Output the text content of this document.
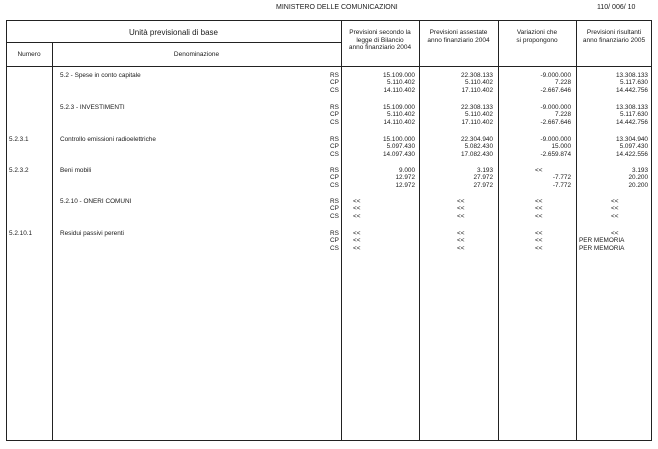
MINISTERO DELLE COMUNICAZIONI	110/ 006/ 10
Unità previsionali di base
Numero	Denominazione
Previsioni secondo la
legge di Bilancio
anno finanziario 2004
Previsioni assestate
anno finanziario 2004
Variazioni che
si propongono
Previsioni risultanti
anno finanziario 2005
5.2 - Spese in conto capitale	RS	15.109.000	22.308.133	-9.000.000	13.308.133
CP	5.110.402	5.110.402	7.228	5.117.630
CS	14.110.402	17.110.402	-2.667.646	14.442.756
5.2.3 - INVESTIMENTI	RS	15.109.000	22.308.133	-9.000.000	13.308.133
CP	5.110.402	5.110.402	7.228	5.117.630
CS	14.110.402	17.110.402	-2.667.646	14.442.756
5.2.3.1	Controllo emissioni radioelettriche	RS	15.100.000	22.304.940	-9.000.000	13.304.940
CP	5.097.430	5.082.430	15.000	5.097.430
CS	14.097.430	17.082.430	-2.659.874	14.422.556
5.2.3.2	Beni mobili	RS	9.000	3.193	<<	3.193
CP	12.972	27.972	-7.772	20.200
CS	12.972	27.972	-7.772	20.200
5.2.10 - ONERI COMUNI	RS <<	<<	<<	<<
CP <<	<<	<<	<<
CS <<	<<	<<	<<
5.2.10.1	Residui passivi perenti	RS <<	<<	<<	<<
CP <<	<<	<<	PER MEMORIA
CS <<	<<	<<	PER MEMORIA
